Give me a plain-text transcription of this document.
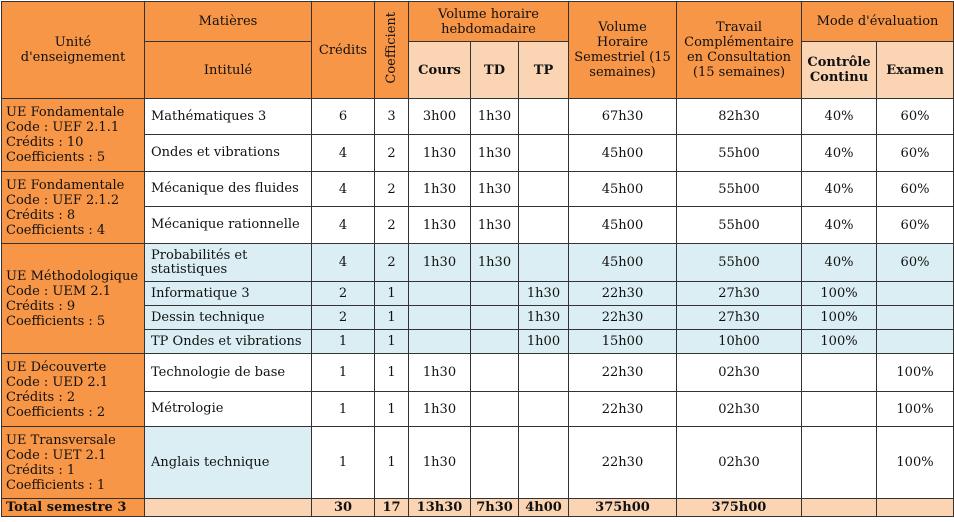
Unité d'enseignement	Matières	Crédits	Coefficient	Volume horaire hebdomadaire			Volume Horaire Semestriel (15 semaines)	Travail Complémentaire en Consultation (15 semaines)	Mode d'évaluation	
	Intitulé			Cours	TD	TP			Contrôle Continu	Examen

UE Fondamentale
Code : UEF 2.1.1
Crédits : 10
Coefficients : 5	Mathématiques 3	6	3	3h00	1h30		67h30	82h30	40%	60%
	Ondes et vibrations	4	2	1h30	1h30		45h00	55h00	40%	60%

UE Fondamentale
Code : UEF 2.1.2
Crédits : 8
Coefficients : 4	Mécanique des fluides	4	2	1h30	1h30		45h00	55h00	40%	60%
	Mécanique rationnelle	4	2	1h30	1h30		45h00	55h00	40%	60%

UE Méthodologique
Code : UEM 2.1
Crédits : 9
Coefficients : 5	Probabilités et statistiques	4	2	1h30	1h30		45h00	55h00	40%	60%
	Informatique 3	2	1			1h30	22h30	27h30	100%	
	Dessin technique	2	1			1h30	22h30	27h30	100%	
	TP Ondes et vibrations	1	1			1h00	15h00	10h00	100%	

UE Découverte
Code : UED 2.1
Crédits : 2
Coefficients : 2	Technologie de base	1	1	1h30			22h30	02h30		100%
	Métrologie	1	1	1h30			22h30	02h30		100%

UE Transversale
Code : UET 2.1
Crédits : 1
Coefficients : 1	Anglais technique	1	1	1h30			22h30	02h30		100%
Total semestre 3		30	17	13h30	7h30	4h00	375h00	375h00		
